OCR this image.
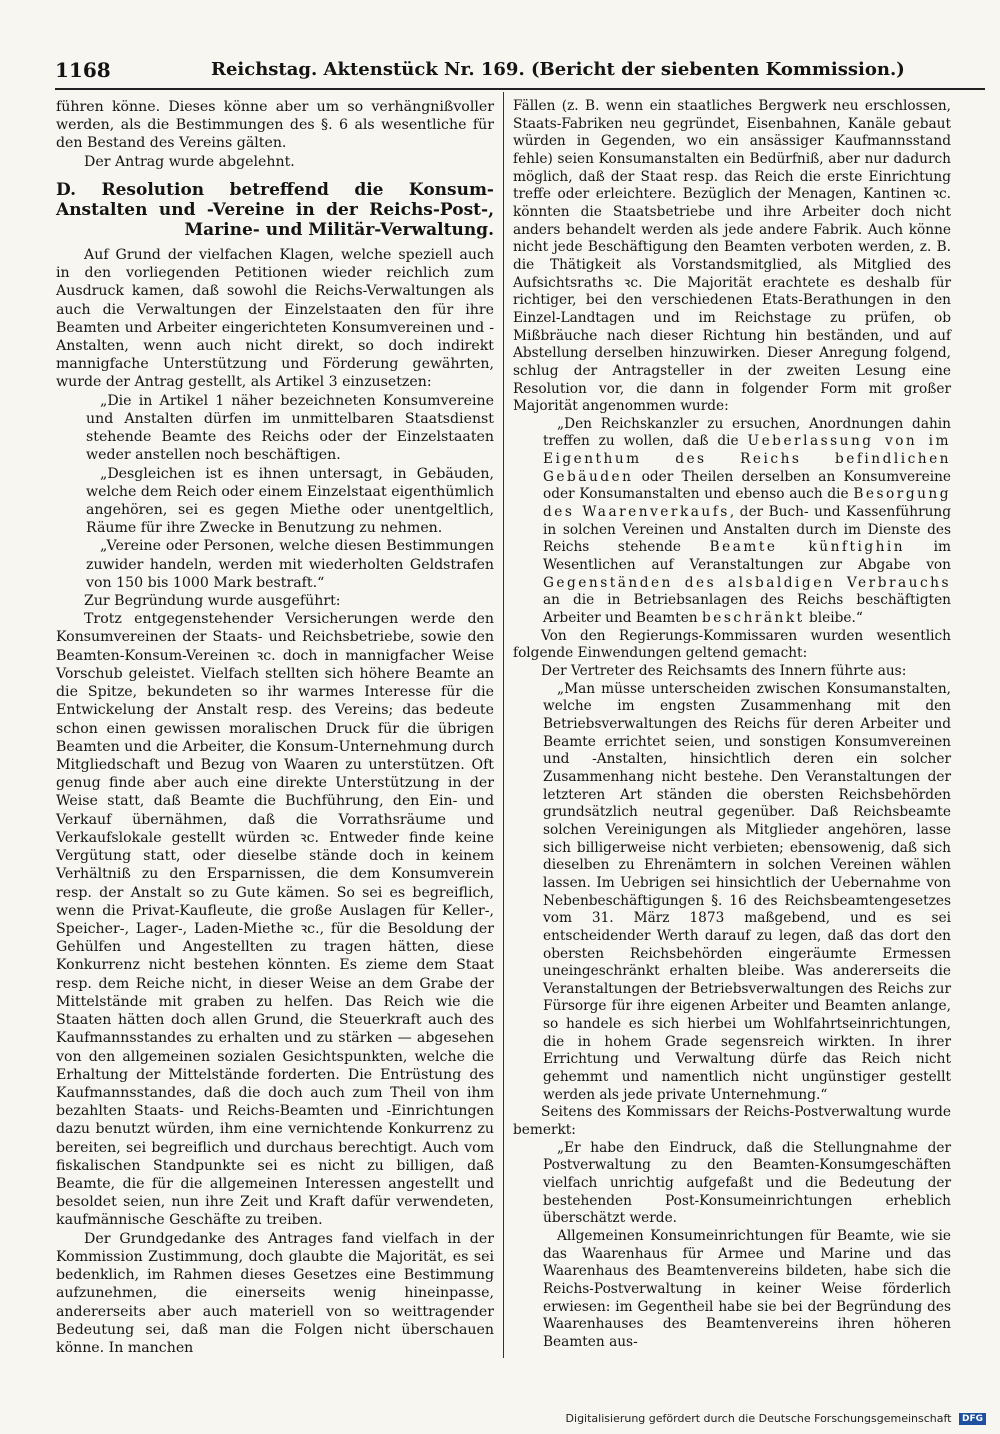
1168	Reichstag. Aktenstück Nr. 169. (Bericht der siebenten Kommission.)

führen könne. Dieses könne aber um so verhängnißvoller werden, als die Bestimmungen des §. 6 als wesentliche für den Bestand des Vereins gälten.

Der Antrag wurde abgelehnt.

D. Resolution betreffend die Konsum-Anstalten und -Vereine in der Reichs-Post-, Marine- und Militär-Verwaltung.

Auf Grund der vielfachen Klagen, welche speziell auch in den vorliegenden Petitionen wieder reichlich zum Ausdruck kamen, daß sowohl die Reichs-Verwaltungen als auch die Verwaltungen der Einzelstaaten den für ihre Beamten und Arbeiter eingerichteten Konsumvereinen und -Anstalten, wenn auch nicht direkt, so doch indirekt mannigfache Unterstützung und Förderung gewährten, wurde der Antrag gestellt, als Artikel 3 einzusetzen:

„Die in Artikel 1 näher bezeichneten Konsumvereine und Anstalten dürfen im unmittelbaren Staatsdienst stehende Beamte des Reichs oder der Einzelstaaten weder anstellen noch beschäftigen.

„Desgleichen ist es ihnen untersagt, in Gebäuden, welche dem Reich oder einem Einzelstaat eigenthümlich angehören, sei es gegen Miethe oder unentgeltlich, Räume für ihre Zwecke in Benutzung zu nehmen.

„Vereine oder Personen, welche diesen Bestimmungen zuwider handeln, werden mit wiederholten Geldstrafen von 150 bis 1000 Mark bestraft.“

Zur Begründung wurde ausgeführt:

Trotz entgegenstehender Versicherungen werde den Konsumvereinen der Staats- und Reichsbetriebe, sowie den Beamten-Konsum-Vereinen ꝛc. doch in mannigfacher Weise Vorschub geleistet. Vielfach stellten sich höhere Beamte an die Spitze, bekundeten so ihr warmes Interesse für die Entwickelung der Anstalt resp. des Vereins; das bedeute schon einen gewissen moralischen Druck für die übrigen Beamten und die Arbeiter, die Konsum-Unternehmung durch Mitgliedschaft und Bezug von Waaren zu unterstützen. Oft genug finde aber auch eine direkte Unterstützung in der Weise statt, daß Beamte die Buchführung, den Ein- und Verkauf übernähmen, daß die Vorrathsräume und Verkaufslokale gestellt würden ꝛc. Entweder finde keine Vergütung statt, oder dieselbe stände doch in keinem Verhältniß zu den Ersparnissen, die dem Konsumverein resp. der Anstalt so zu Gute kämen. So sei es begreiflich, wenn die Privat-Kaufleute, die große Auslagen für Keller-, Speicher-, Lager-, Laden-Miethe ꝛc., für die Besoldung der Gehülfen und Angestellten zu tragen hätten, diese Konkurrenz nicht bestehen könnten. Es ziemе dem Staat resp. dem Reiche nicht, in dieser Weise an dem Grabe der Mittelstände mit graben zu helfen. Das Reich wie die Staaten hätten doch allen Grund, die Steuerkraft auch des Kaufmannsstandes zu erhalten und zu stärken — abgesehen von den allgemeinen sozialen Gesichtspunkten, welche die Erhaltung der Mittelstände forderten. Die Entrüstung des Kaufmannsstandes, daß die doch auch zum Theil von ihm bezahlten Staats- und Reichs-Beamten und -Einrichtungen dazu benutzt würden, ihm eine vernichtende Konkurrenz zu bereiten, sei begreiflich und durchaus berechtigt. Auch vom fiskalischen Standpunkte sei es nicht zu billigen, daß Beamte, die für die allgemeinen Interessen angestellt und besoldet seien, nun ihre Zeit und Kraft dafür verwendeten, kaufmännische Geschäfte zu treiben.

Der Grundgedanke des Antrages fand vielfach in der Kommission Zustimmung, doch glaubte die Majorität, es sei bedenklich, im Rahmen dieses Gesetzes eine Bestimmung aufzunehmen, die einerseits wenig hineinpasse, andererseits aber auch materiell von so weittragender Bedeutung sei, daß man die Folgen nicht überschauen könne. In manchen

Fällen (z. B. wenn ein staatliches Bergwerk neu erschlossen, Staats-Fabriken neu gegründet, Eisenbahnen, Kanäle gebaut würden in Gegenden, wo ein ansässiger Kaufmannsstand fehle) seien Konsumanstalten ein Bedürfniß, aber nur dadurch möglich, daß der Staat resp. das Reich die erste Einrichtung treffe oder erleichtere. Bezüglich der Menagen, Kantinen ꝛc. könnten die Staatsbetriebe und ihre Arbeiter doch nicht anders behandelt werden als jede andere Fabrik. Auch könne nicht jede Beschäftigung den Beamten verboten werden, z. B. die Thätigkeit als Vorstandsmitglied, als Mitglied des Aufsichtsraths ꝛc. Die Majorität erachtete es deshalb für richtiger, bei den verschiedenen Etats-Berathungen in den Einzel-Landtagen und im Reichstage zu prüfen, ob Mißbräuche nach dieser Richtung hin beständen, und auf Abstellung derselben hinzuwirken. Dieser Anregung folgend, schlug der Antragsteller in der zweiten Lesung eine Resolution vor, die dann in folgender Form mit großer Majorität angenommen wurde:

„Den Reichskanzler zu ersuchen, Anordnungen dahin treffen zu wollen, daß die Ueberlassung von im Eigenthum des Reichs befindlichen Gebäuden oder Theilen derselben an Konsumvereine oder Konsumanstalten und ebenso auch die Besorgung des Waarenverkaufs, der Buch- und Kassenführung in solchen Vereinen und Anstalten durch im Dienste des Reichs stehende Beamte künftighin im Wesentlichen auf Veranstaltungen zur Abgabe von Gegenständen des alsbaldigen Verbrauchs an die in Betriebsanlagen des Reichs beschäftigten Arbeiter und Beamten beschränkt bleibe.“

Von den Regierungs-Kommissaren wurden wesentlich folgende Einwendungen geltend gemacht:

Der Vertreter des Reichsamts des Innern führte aus:

„Man müsse unterscheiden zwischen Konsumanstalten, welche im engsten Zusammenhang mit den Betriebsverwaltungen des Reichs für deren Arbeiter und Beamte errichtet seien, und sonstigen Konsumvereinen und -Anstalten, hinsichtlich deren ein solcher Zusammenhang nicht bestehe. Den Veranstaltungen der letzteren Art ständen die obersten Reichsbehörden grundsätzlich neutral gegenüber. Daß Reichsbeamte solchen Vereinigungen als Mitglieder angehören, lasse sich billigerweise nicht verbieten; ebensowenig, daß sich dieselben zu Ehrenämtern in solchen Vereinen wählen lassen. Im Uebrigen sei hinsichtlich der Uebernahme von Nebenbeschäftigungen §. 16 des Reichsbeamtengesetzes vom 31. März 1873 maßgebend, und es sei entscheidender Werth darauf zu legen, daß das dort den obersten Reichsbehörden eingeräumte Ermessen uneingeschränkt erhalten bleibe. Was andererseits die Veranstaltungen der Betriebsverwaltungen des Reichs zur Fürsorge für ihre eigenen Arbeiter und Beamten anlange, so handele es sich hierbei um Wohlfahrtseinrichtungen, die in hohem Grade segensreich wirkten. In ihrer Errichtung und Verwaltung dürfe das Reich nicht gehemmt und namentlich nicht ungünstiger gestellt werden als jede private Unternehmung.“

Seitens des Kommissars der Reichs-Postverwaltung wurde bemerkt:

„Er habe den Eindruck, daß die Stellungnahme der Postverwaltung zu den Beamten-Konsumgeschäften vielfach unrichtig aufgefaßt und die Bedeutung der bestehenden Post-Konsumeinrichtungen erheblich überschätzt werde.

Allgemeinen Konsumeinrichtungen für Beamte, wie sie das Waarenhaus für Armee und Marine und das Waarenhaus des Beamtenvereins bildeten, habe sich die Reichs-Postverwaltung in keiner Weise förderlich erwiesen: im Gegentheil habe sie bei der Begründung des Waarenhauses des Beamtenvereins ihren höheren Beamten aus-

Digitalisierung gefördert durch die Deutsche Forschungsgemeinschaft DFG
